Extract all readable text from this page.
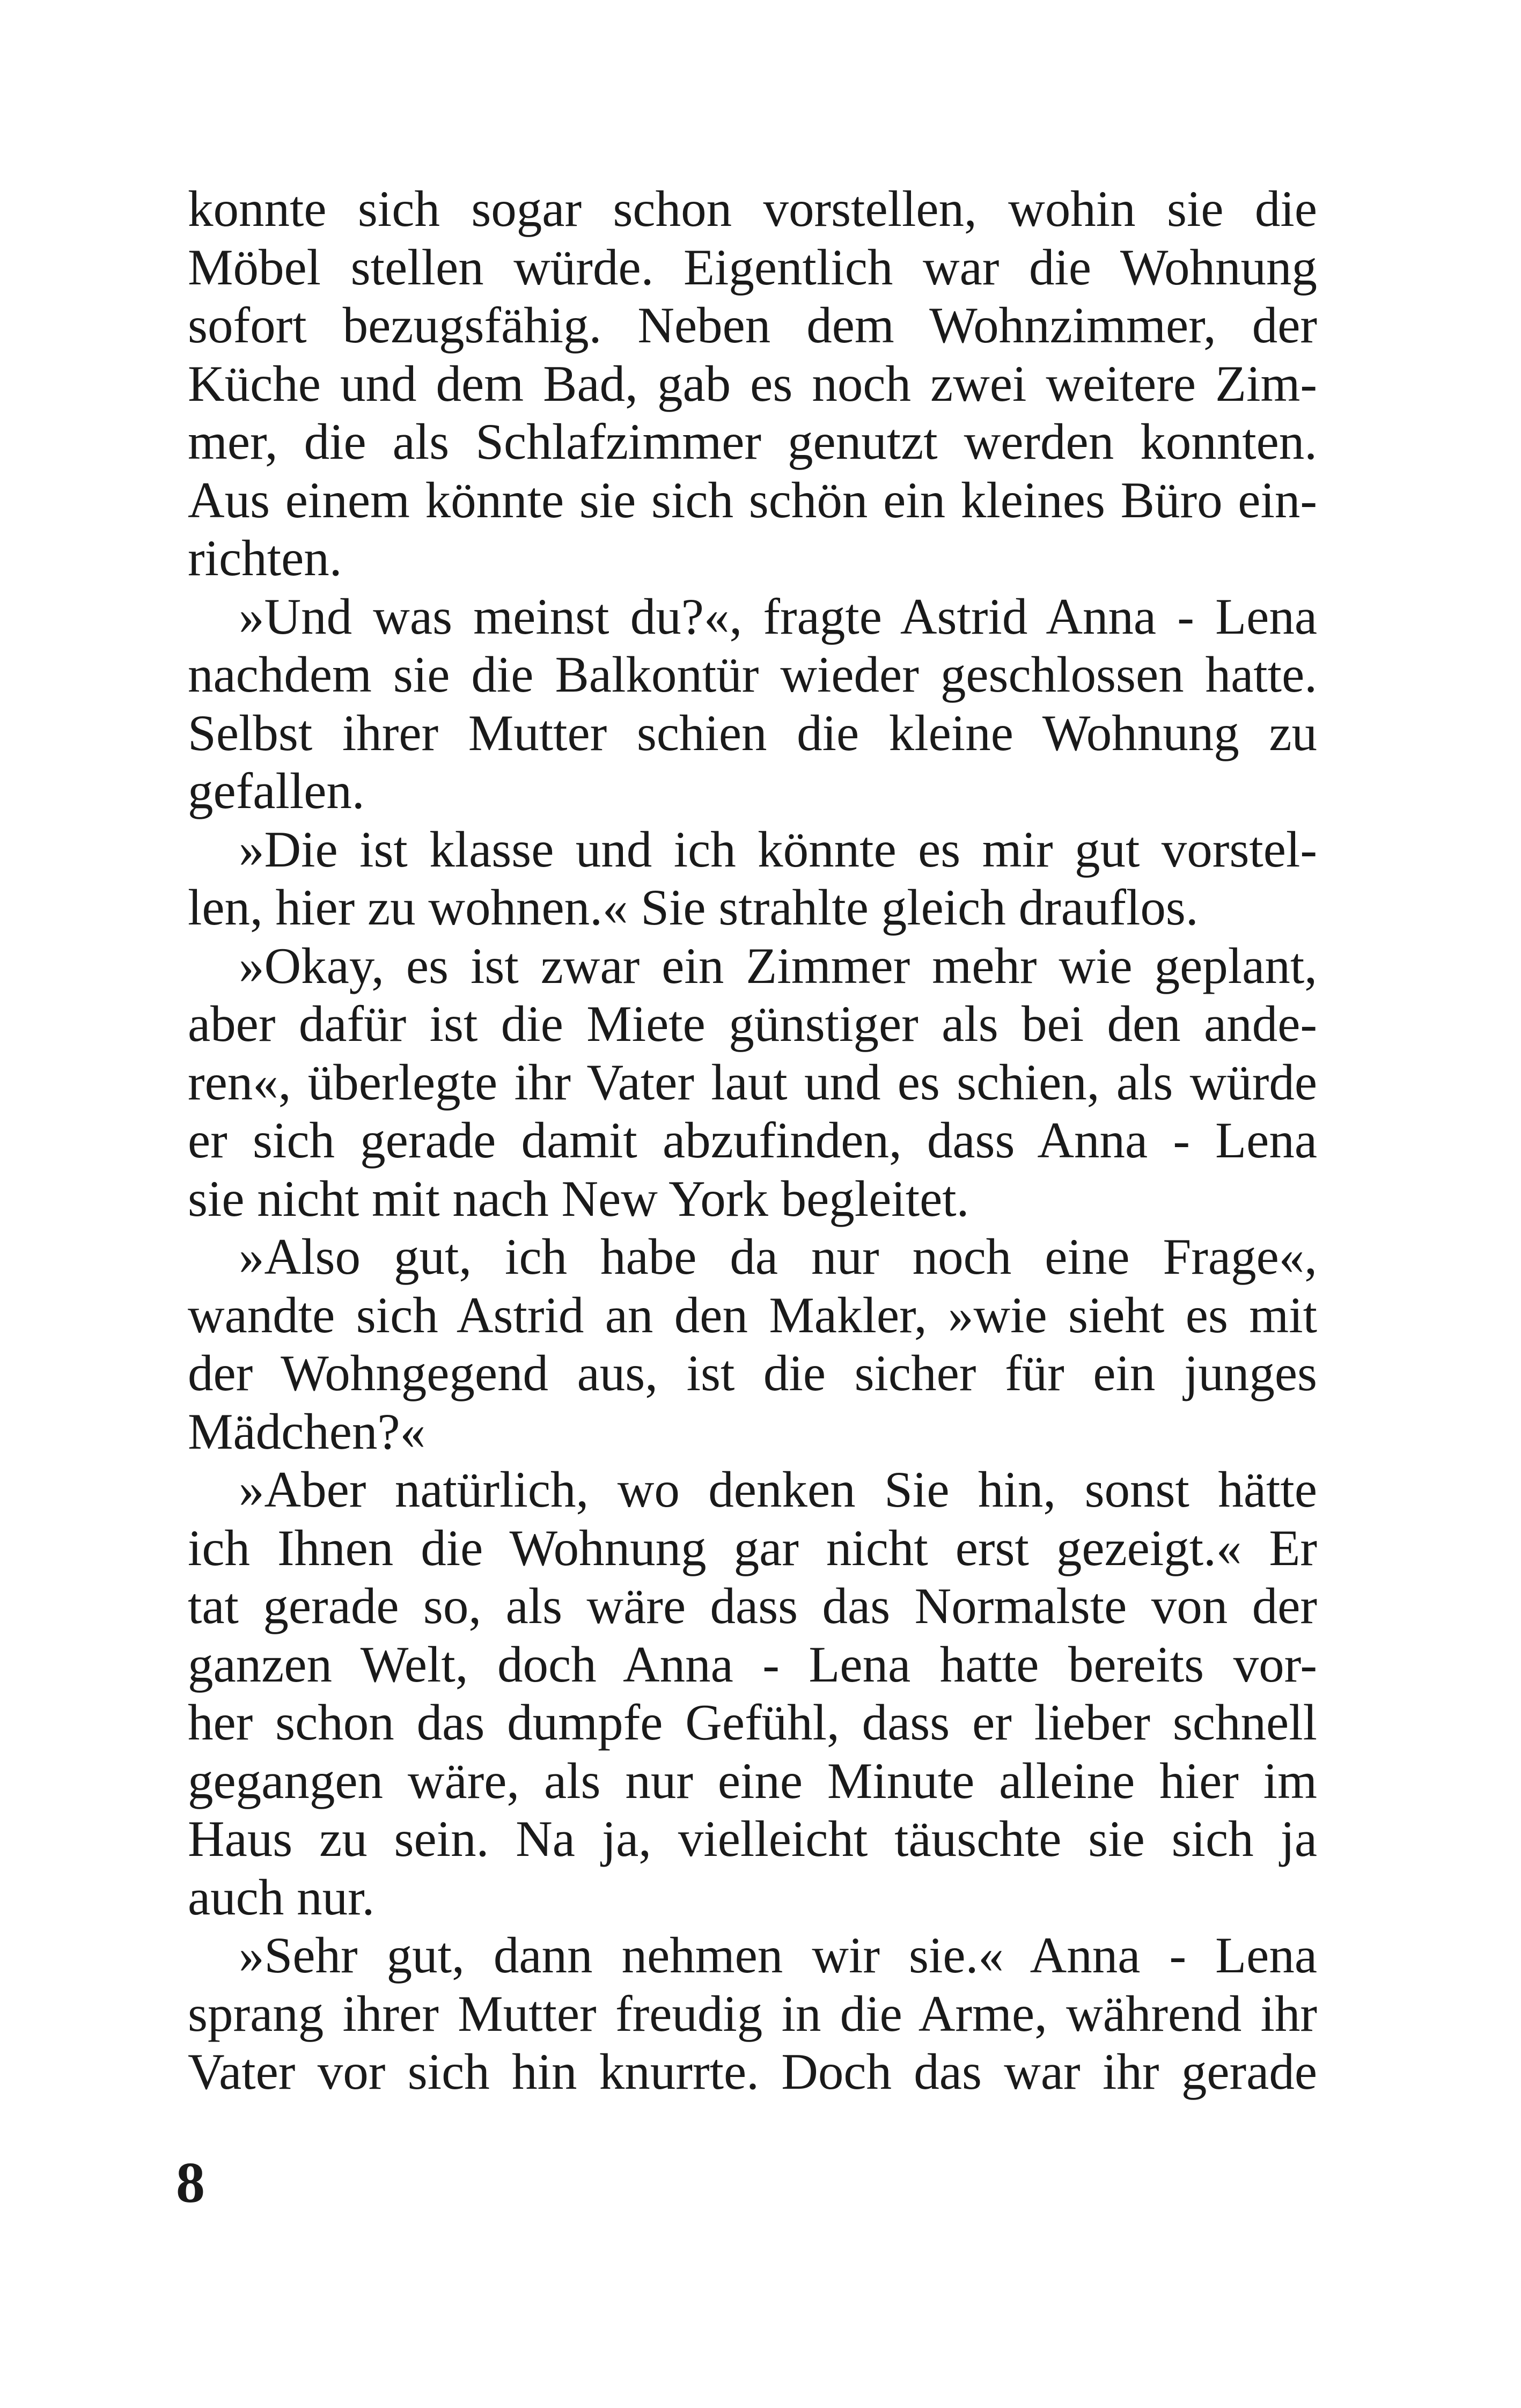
konnte sich sogar schon vorstellen, wohin sie die
Möbel stellen würde. Eigentlich war die Wohnung
sofort bezugsfähig. Neben dem Wohnzimmer, der
Küche und dem Bad, gab es noch zwei weitere Zim-
mer, die als Schlafzimmer genutzt werden konnten.
Aus einem könnte sie sich schön ein kleines Büro ein-
richten.
»Und was meinst du?«, fragte Astrid Anna - Lena
nachdem sie die Balkontür wieder geschlossen hatte.
Selbst ihrer Mutter schien die kleine Wohnung zu
gefallen.
»Die ist klasse und ich könnte es mir gut vorstel-
len, hier zu wohnen.« Sie strahlte gleich drauflos.
»Okay, es ist zwar ein Zimmer mehr wie geplant,
aber dafür ist die Miete günstiger als bei den ande-
ren«, überlegte ihr Vater laut und es schien, als würde
er sich gerade damit abzufinden, dass Anna - Lena
sie nicht mit nach New York begleitet.
»Also gut, ich habe da nur noch eine Frage«,
wandte sich Astrid an den Makler, »wie sieht es mit
der Wohngegend aus, ist die sicher für ein junges
Mädchen?«
»Aber natürlich, wo denken Sie hin, sonst hätte
ich Ihnen die Wohnung gar nicht erst gezeigt.« Er
tat gerade so, als wäre dass das Normalste von der
ganzen Welt, doch Anna - Lena hatte bereits vor-
her schon das dumpfe Gefühl, dass er lieber schnell
gegangen wäre, als nur eine Minute alleine hier im
Haus zu sein. Na ja, vielleicht täuschte sie sich ja
auch nur.
»Sehr gut, dann nehmen wir sie.« Anna - Lena
sprang ihrer Mutter freudig in die Arme, während ihr
Vater vor sich hin knurrte. Doch das war ihr gerade
8
